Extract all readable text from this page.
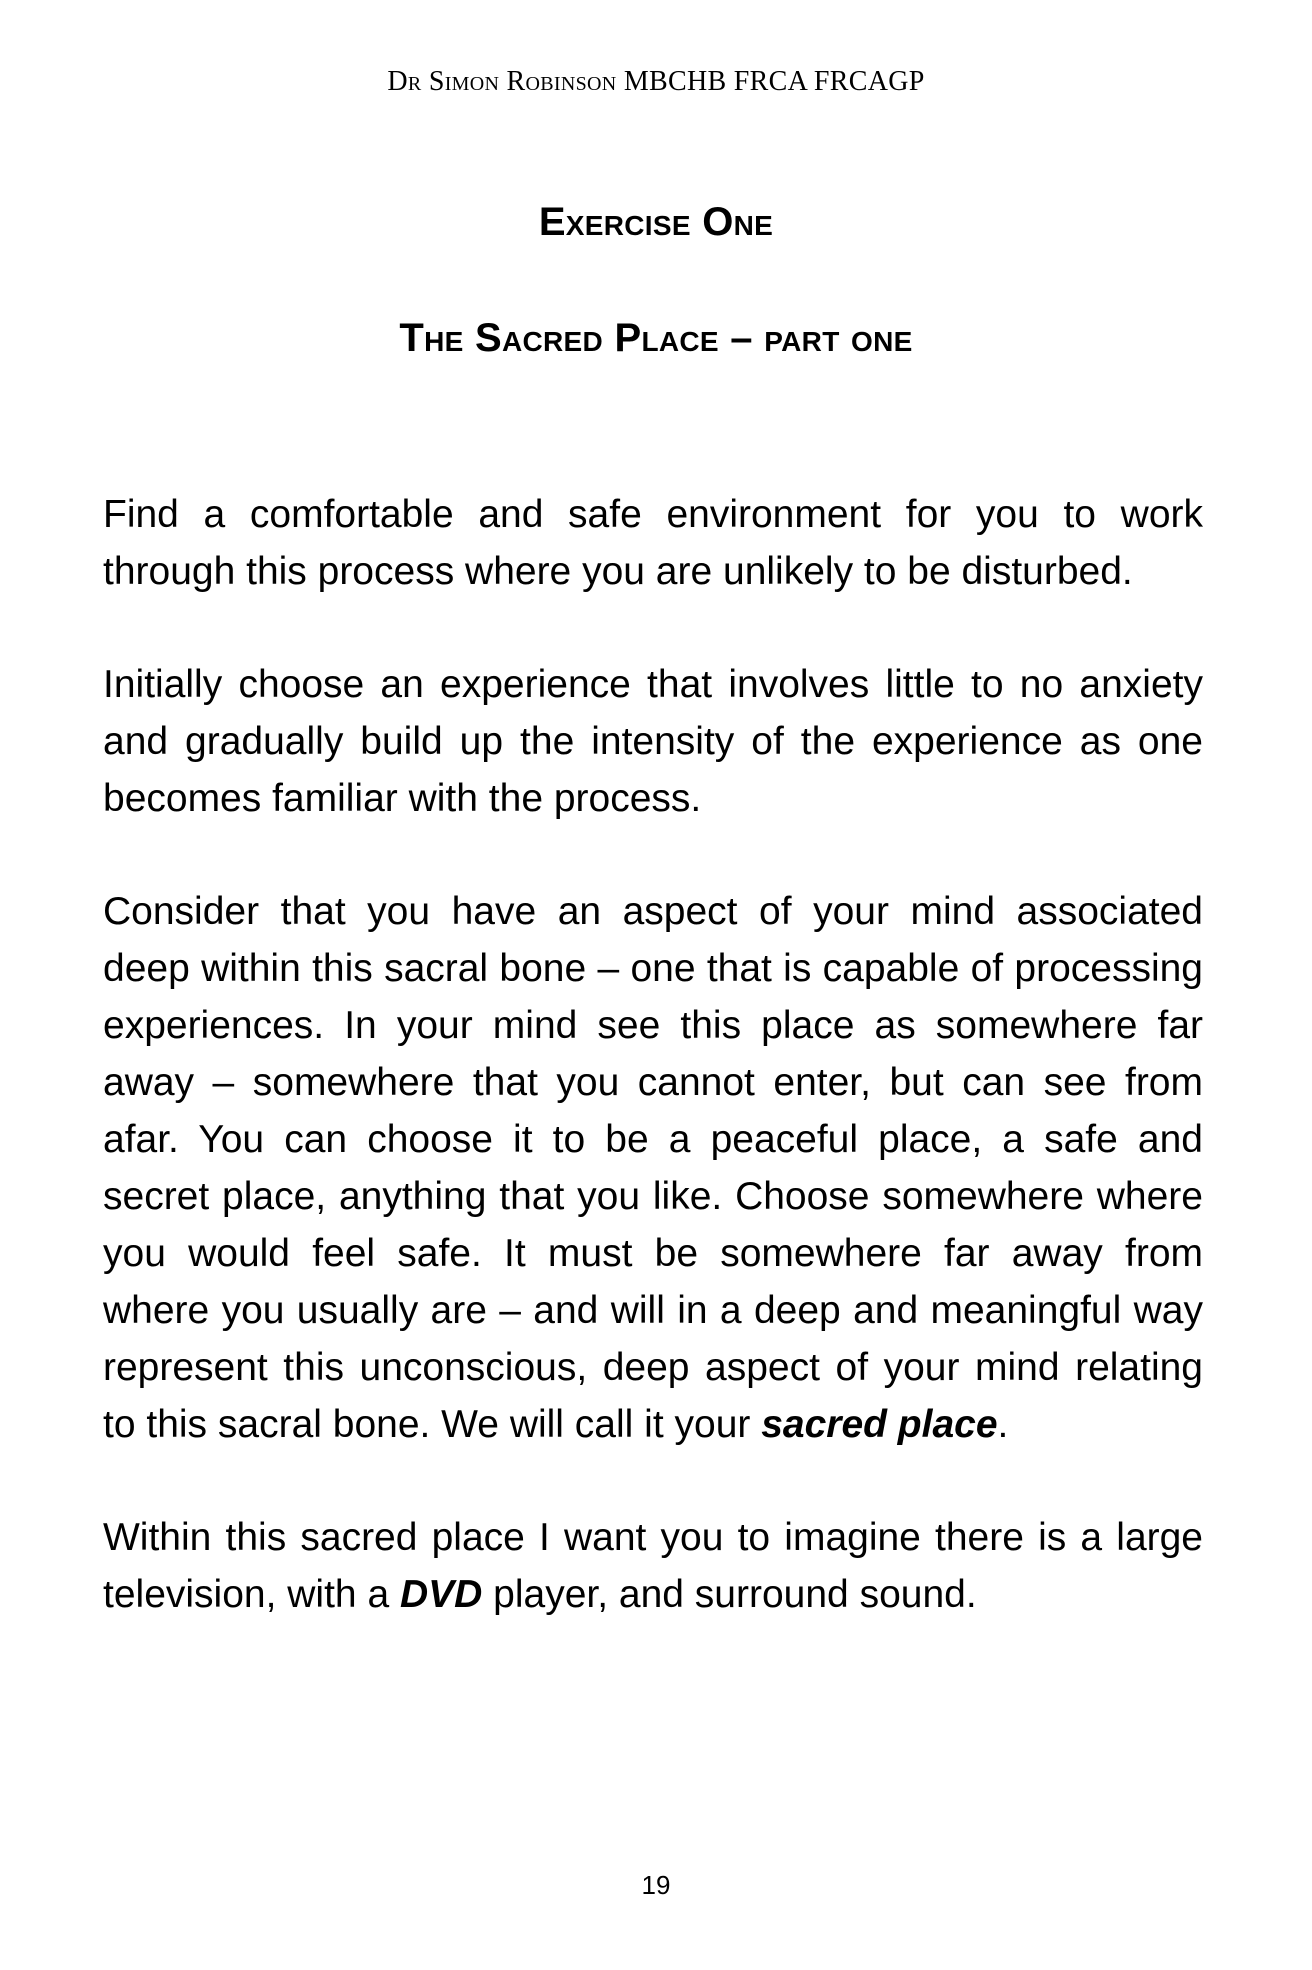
Dr Simon Robinson MBCHB FRCA FRCAGP
Exercise One
The Sacred Place – part one

Find a comfortable and safe environment for you to work through this process where you are unlikely to be disturbed.

Initially choose an experience that involves little to no anxiety and gradually build up the intensity of the experience as one becomes familiar with the process.

Consider that you have an aspect of your mind associated deep within this sacral bone – one that is capable of processing experiences. In your mind see this place as somewhere far away – somewhere that you cannot enter, but can see from afar. You can choose it to be a peaceful place, a safe and secret place, anything that you like. Choose somewhere where you would feel safe. It must be somewhere far away from where you usually are – and will in a deep and meaningful way represent this unconscious, deep aspect of your mind relating to this sacral bone. We will call it your sacred place.

Within this sacred place I want you to imagine there is a large television, with a DVD player, and surround sound.

19
